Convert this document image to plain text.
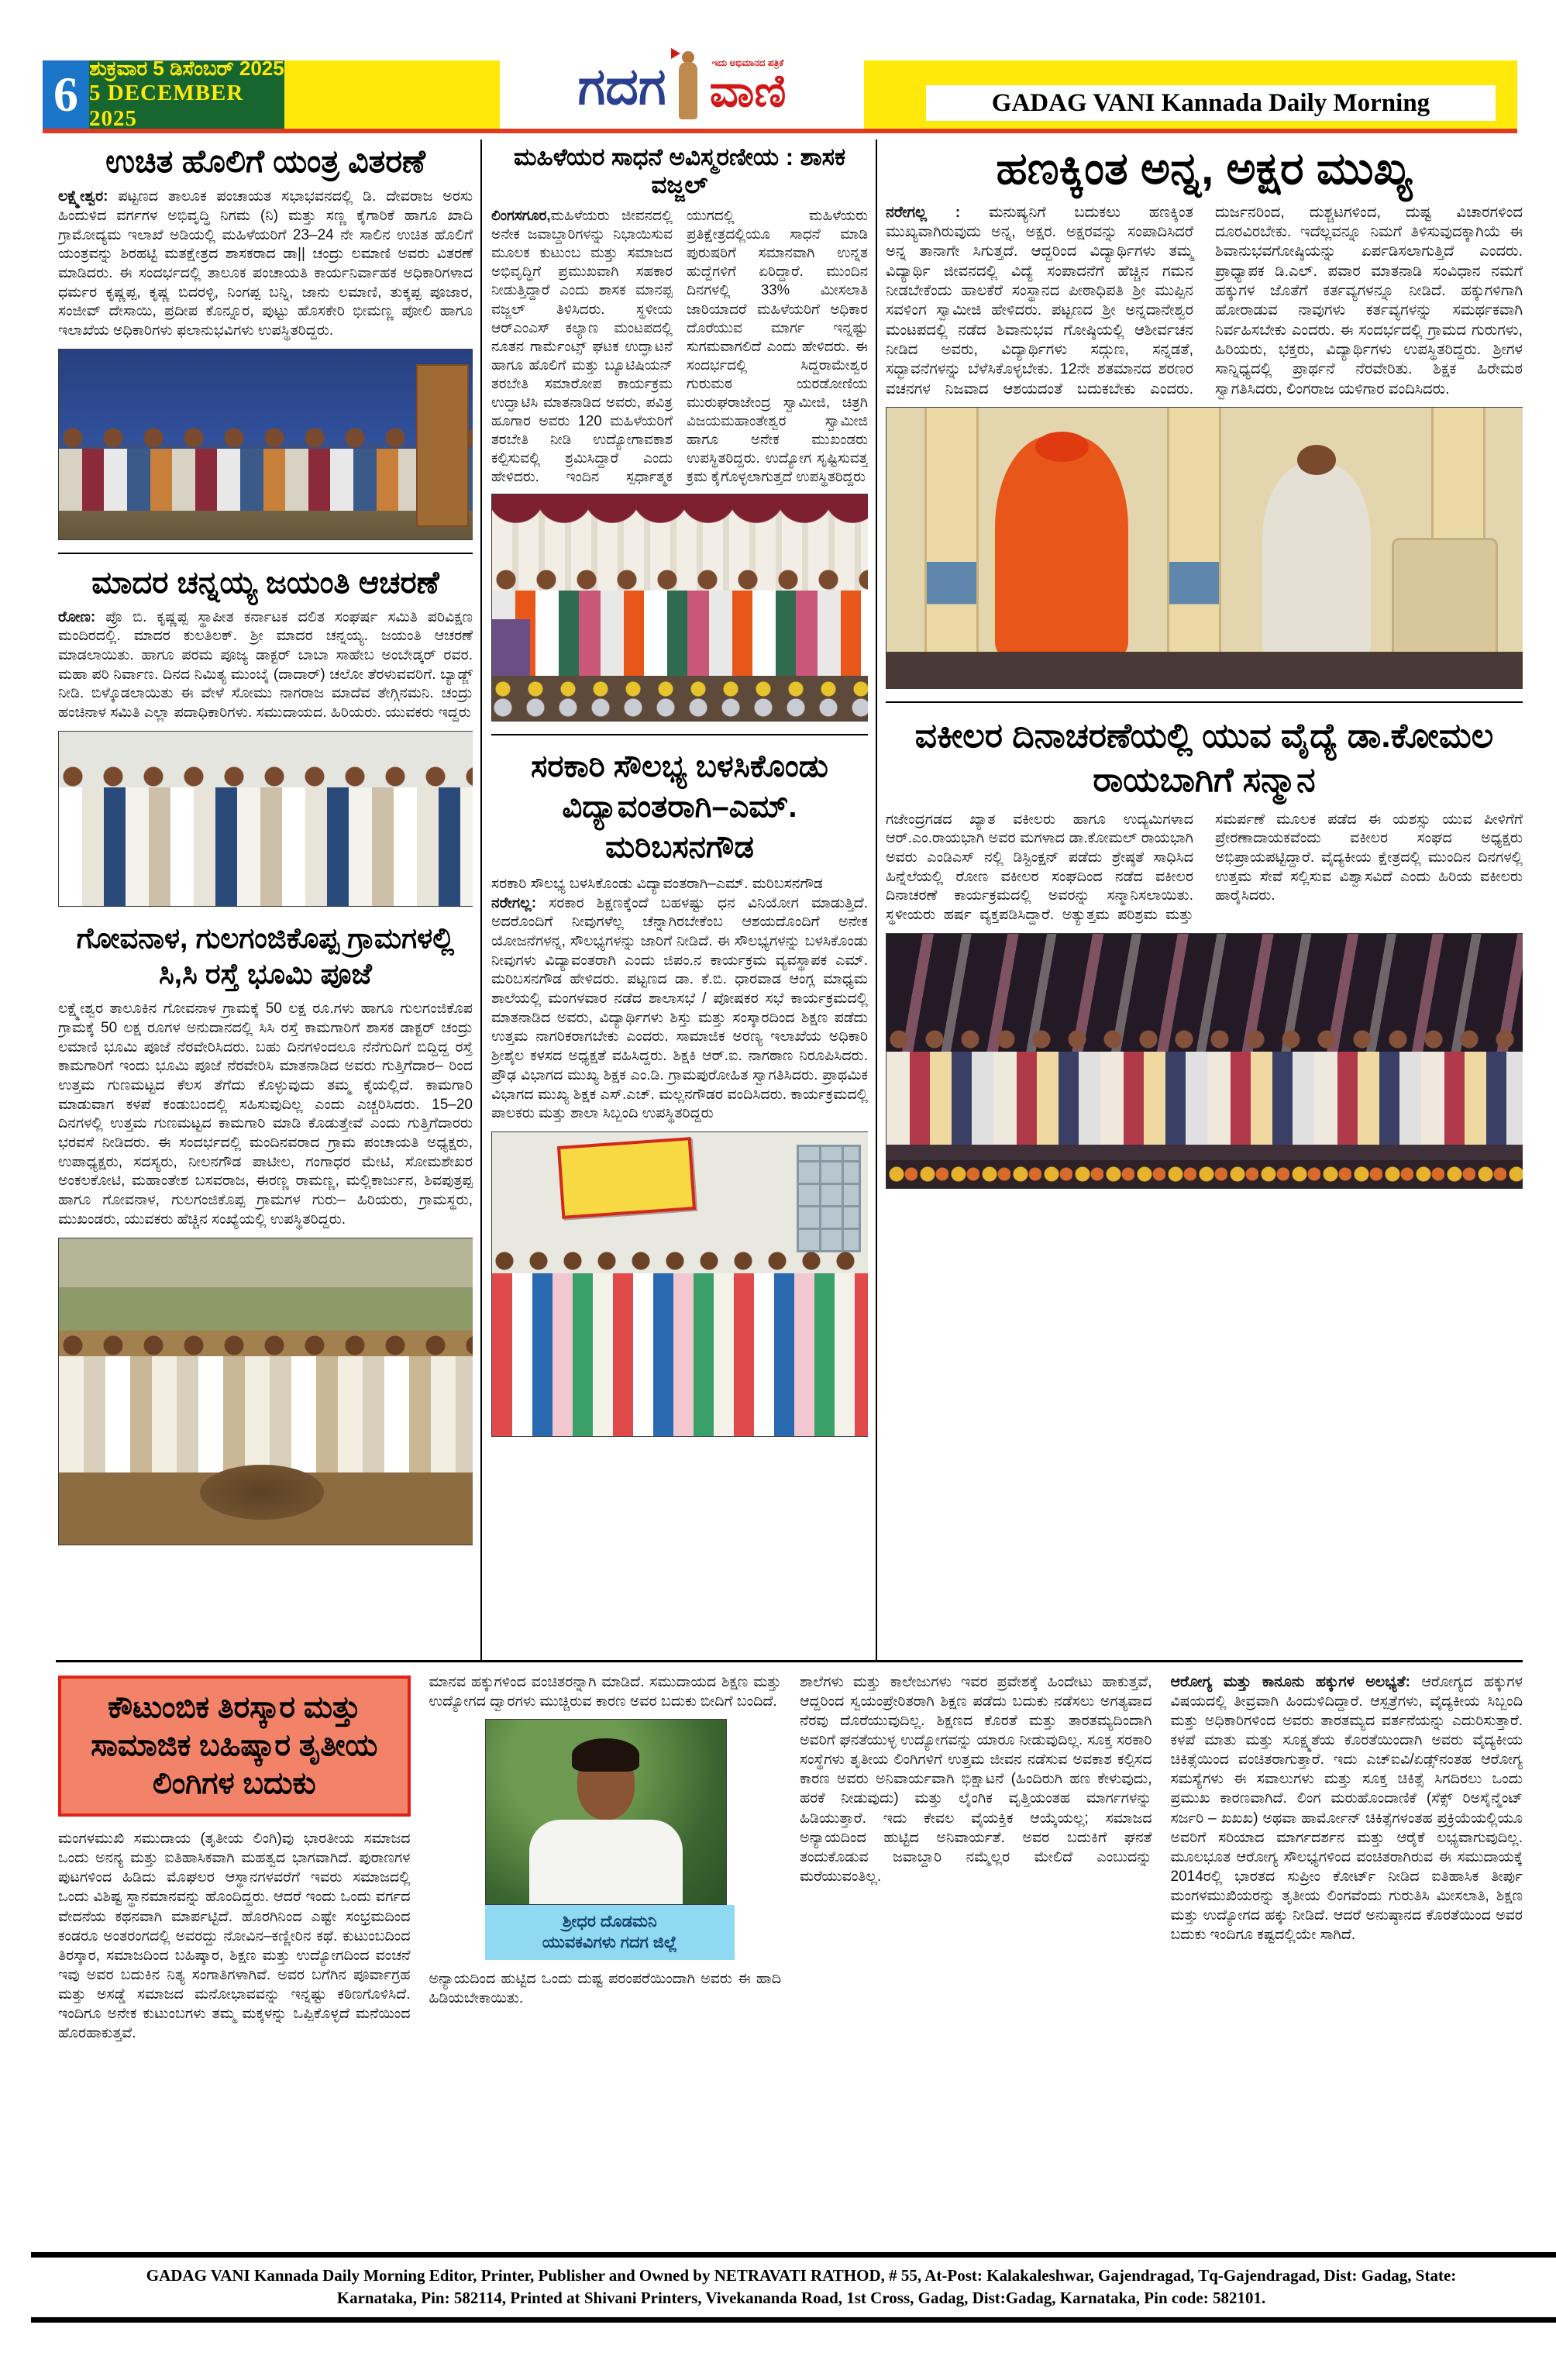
6 ಶುಕ್ರವಾರ 5 ಡಿಸೆಂಬರ್ 2025
5 DECEMBER 2025
ಗದಗ	ಇದು ಅಭಿಮಾನದ ಪತ್ರಿಕೆ
ವಾಣಿ	GADAG VANI Kannada Daily Morning
ಉಚಿತ ಹೊಲಿಗೆ ಯಂತ್ರ ವಿತರಣೆ

ಲಕ್ಷ್ಮೇಶ್ವರ: ಪಟ್ಟಣದ ತಾಲೂಕ ಪಂಚಾಯತ ಸಭಾಭವನದಲ್ಲಿ ಡಿ. ದೇವರಾಜ ಅರಸು ಹಿಂದುಳಿದ ವರ್ಗಗಳ ಅಭಿವೃದ್ಧಿ ನಿಗಮ (ನಿ) ಮತ್ತು ಸಣ್ಣ ಕೈಗಾರಿಕೆ ಹಾಗೂ ಖಾದಿ ಗ್ರಾಮೋದ್ಯಮ ಇಲಾಖೆ ಅಡಿಯಲ್ಲಿ ಮಹಿಳೆಯರಿಗೆ 23–24 ನೇ ಸಾಲಿನ ಉಚಿತ ಹೊಲಿಗೆ ಯಂತ್ರವನ್ನು ಶಿರಹಟ್ಟಿ ಮತಕ್ಷೇತ್ರದ ಶಾಸಕರಾದ ಡಾ|| ಚಂದ್ರು ಲಮಾಣಿ ಅವರು ವಿತರಣೆ ಮಾಡಿದರು. ಈ ಸಂದರ್ಭದಲ್ಲಿ ತಾಲೂಕ ಪಂಚಾಯತಿ ಕಾರ್ಯನಿರ್ವಾಹಕ ಅಧಿಕಾರಿಗಳಾದ ಧರ್ಮರ ಕೃಷ್ಣಪ್ಪ, ಕೃಷ್ಣ ಬಿದರಳ್ಳಿ, ನಿಂಗಪ್ಪ ಬನ್ನಿ, ಜಾನು ಲಮಾಣಿ, ತುಕ್ಕಪ್ಪ ಪೂಜಾರ, ಸಂಜೀವ್ ದೇಸಾಯಿ, ಪ್ರದೀಪ ಕೊನ್ನೂರ, ಪುಟ್ಟು ಹೊಸಕೇರಿ ಭೀಮಣ್ಣ ಪೋಲಿ ಹಾಗೂ ಇಲಾಖೆಯ ಅಧಿಕಾರಿಗಳು ಫಲಾನುಭವಿಗಳು ಉಪಸ್ಥಿತರಿದ್ದರು.

ಮಾದರ ಚನ್ನಯ್ಯ ಜಯಂತಿ ಆಚರಣೆ

ರೋಣ: ಪ್ರೊ ಬಿ. ಕೃಷ್ಣಪ್ಪ ಸ್ಥಾಪೀತ ಕರ್ನಾಟಕ ದಲಿತ ಸಂಘರ್ಷ ಸಮಿತಿ ಪರಿವಿಕ್ಷಣ ಮಂದಿರದಲ್ಲಿ. ಮಾದರ ಕುಲತಿಲಕ್. ಶ್ರೀ ಮಾದರ ಚನ್ನಯ್ಯ. ಜಯಂತಿ ಆಚರಣೆ ಮಾಡಲಾಯಿತು. ಹಾಗೂ ಪರಮ ಪೂಜ್ಯ ಡಾಕ್ಟರ್ ಬಾಬಾ ಸಾಹೇಬ ಅಂಬೇಡ್ಕರ್ ರವರ. ಮಹಾ ಪರಿ ನಿರ್ವಾಣ. ದಿನದ ನಿಮಿತ್ಯ ಮುಂಬೈ (ದಾದಾರ್) ಚಲೋ ತೆರಳುವವರಿಗೆ. ಬ್ಯಾಡ್ಜ್ ನೀಡಿ. ಬಿಳ್ಕೊಡಲಾಯಿತು ಈ ವೇಳೆ ಸೋಮು ನಾಗರಾಜ ಮಾದೆವ ತೇಗ್ಗಿನಮನಿ. ಚಂದ್ರು ಹಂಚಿನಾಳ ಸಮಿತಿ ಎಲ್ಲಾ ಪದಾಧಿಕಾರಿಗಳು. ಸಮುದಾಯದ. ಹಿರಿಯರು. ಯುವಕರು ಇದ್ದರು

ಗೋವನಾಳ, ಗುಲಗಂಜಿಕೊಪ್ಪ ಗ್ರಾಮಗಳಲ್ಲಿ ಸಿ,ಸಿ ರಸ್ತೆ ಭೂಮಿ ಪೂಜೆ

ಲಕ್ಷ್ಮೇಶ್ವರ ತಾಲೂಕಿನ ಗೋವನಾಳ ಗ್ರಾಮಕ್ಕೆ 50 ಲಕ್ಷ ರೂ.ಗಳು ಹಾಗೂ ಗುಲಗಂಜಿಕೊಪ ಗ್ರಾಮಕ್ಕೆ 50 ಲಕ್ಷ ರೂಗಳ ಅನುದಾನದಲ್ಲಿ ಸಿಸಿ ರಸ್ತೆ ಕಾಮಗಾರಿಗೆ ಶಾಸಕ ಡಾಕ್ಟರ್ ಚಂದ್ರು ಲಮಾಣಿ ಭೂಮಿ ಪೂಜೆ ನೆರವೇರಿಸಿದರು. ಬಹು ದಿನಗಳಿಂದಲೂ ನೆನೆಗುದಿಗೆ ಬಿದ್ದಿದ್ದ ರಸ್ತೆ ಕಾಮಗಾರಿಗೆ ಇಂದು ಭೂಮಿ ಪೂಜೆ ನೆರವೇರಿಸಿ ಮಾತನಾಡಿದ ಅವರು ಗುತ್ತಿಗೆದಾರ– ರಿಂದ ಉತ್ತಮ ಗುಣಮಟ್ಟದ ಕೆಲಸ ತೆಗೆದು ಕೊಳ್ಳುವುದು ತಮ್ಮ ಕೈಯಲ್ಲಿದೆ. ಕಾಮಗಾರಿ ಮಾಡುವಾಗ ಕಳಪೆ ಕಂಡುಬಂದಲ್ಲಿ ಸಹಿಸುವುದಿಲ್ಲ ಎಂದು ಎಚ್ಚರಿಸಿದರು. 15–20 ದಿನಗಳಲ್ಲಿ ಉತ್ತಮ ಗುಣಮಟ್ಟದ ಕಾಮಗಾರಿ ಮಾಡಿ ಕೊಡುತ್ತೇವೆ ಎಂದು ಗುತ್ತಿಗೆದಾರರು ಭರವಸೆ ನೀಡಿದರು. ಈ ಸಂದರ್ಭದಲ್ಲಿ ಮಂದಿನವರಾದ ಗ್ರಾಮ ಪಂಚಾಯತಿ ಅಧ್ಯಕ್ಷರು, ಉಪಾಧ್ಯಕ್ಷರು, ಸದಸ್ಯರು, ನೀಲನಗೌಡ ಪಾಟೀಲ, ಗಂಗಾಧರ ಮೇಟಿ, ಸೋಮಶೇಖರ ಅಂಕಲಕೋಟಿ, ಮಹಾಂತೇಶ ಬಸವರಾಜ, ಈರಣ್ಣ ರಾಮಣ್ಣ, ಮಲ್ಲಿಕಾರ್ಜುನ, ಶಿವಪುತ್ರಪ್ಪ ಹಾಗೂ ಗೋವನಾಳ, ಗುಲಗಂಜಿಕೊಪ್ಪ ಗ್ರಾಮಗಳ ಗುರು– ಹಿರಿಯರು, ಗ್ರಾಮಸ್ಥರು, ಮುಖಂಡರು, ಯುವಕರು ಹೆಚ್ಚಿನ ಸಂಖ್ಯೆಯಲ್ಲಿ ಉಪಸ್ಥಿತರಿದ್ದರು.

ಮಹಿಳೆಯರ ಸಾಧನೆ ಅವಿಸ್ಮರಣೀಯ : ಶಾಸಕ ವಜ್ಜಲ್

ಲಿಂಗಸಗೂರ,ಮಹಿಳೆಯರು ಜೀವನದಲ್ಲಿ ಅನೇಕ ಜವಾಬ್ದಾರಿಗಳನ್ನು ನಿಭಾಯಿಸುವ ಮೂಲಕ ಕುಟುಂಬ ಮತ್ತು ಸಮಾಜದ ಅಭಿವೃದ್ಧಿಗೆ ಪ್ರಮುಖವಾಗಿ ಸಹಕಾರ ನೀಡುತ್ತಿದ್ದಾರೆ ಎಂದು ಶಾಸಕ ಮಾನಪ್ಪ ವಜ್ಜಲ್ ತಿಳಿಸಿದರು. ಸ್ಥಳೀಯ ಆರ್‌ಎಂಎಸ್ ಕಲ್ಯಾಣ ಮಂಟಪದಲ್ಲಿ ನೂತನ ಗಾರ್ಮೆಂಟ್ಸ್ ಘಟಕ ಉದ್ಘಾಟನೆ ಹಾಗೂ ಹೊಲಿಗೆ ಮತ್ತು ಬ್ಯೂಟಿಷಿಯನ್ ತರಬೇತಿ ಸಮಾರೋಪ ಕಾರ್ಯಕ್ರಮ ಉದ್ಘಾಟಿಸಿ ಮಾತನಾಡಿದ ಅವರು, ಪವಿತ್ರ ಹೂಗಾರ ಅವರು 120 ಮಹಿಳೆಯರಿಗೆ ತರಬೇತಿ ನೀಡಿ ಉದ್ಯೋಗಾವಕಾಶ ಕಲ್ಪಿಸುವಲ್ಲಿ ಶ್ರಮಿಸಿದ್ದಾರೆ ಎಂದು ಹೇಳಿದರು. ಇಂದಿನ ಸ್ಪರ್ಧಾತ್ಮಕ ಯುಗದಲ್ಲಿ ಮಹಿಳೆಯರು ಪ್ರತಿಕ್ಷೇತ್ರದಲ್ಲಿಯೂ ಸಾಧನೆ ಮಾಡಿ ಪುರುಷರಿಗೆ ಸಮಾನವಾಗಿ ಉನ್ನತ ಹುದ್ದೆಗಳಿಗೆ ಏರಿದ್ದಾರೆ. ಮುಂದಿನ ದಿನಗಳಲ್ಲಿ 33% ಮೀಸಲಾತಿ ಜಾರಿಯಾದರೆ ಮಹಿಳೆಯರಿಗೆ ಅಧಿಕಾರ ದೊರೆಯುವ ಮಾರ್ಗ ಇನ್ನಷ್ಟು ಸುಗಮವಾಗಲಿದೆ ಎಂದು ಹೇಳಿದರು. ಈ ಸಂದರ್ಭದಲ್ಲಿ ಸಿದ್ದರಾಮೇಶ್ವರ ಗುರುಮಠ ಯರಡೋಣಿಯ ಮುರುಘರಾಜೇಂದ್ರ ಸ್ವಾಮೀಜಿ, ಚಿತ್ರಗಿ ವಿಜಯಮಹಾಂತೇಶ್ವರ ಸ್ವಾಮೀಜಿ ಹಾಗೂ ಅನೇಕ ಮುಖಂಡರು ಉಪಸ್ಥಿತರಿದ್ದರು. ಉದ್ಯೋಗ ಸೃಷ್ಟಿಸುವತ್ತ ಕ್ರಮ ಕೈಗೊಳ್ಳಲಾಗುತ್ತದೆ ಉಪಸ್ಥಿತರಿದ್ದರು

ಸರಕಾರಿ ಸೌಲಭ್ಯ ಬಳಸಿಕೊಂಡು ವಿದ್ಯಾವಂತರಾಗಿ–ಎಮ್. ಮರಿಬಸನಗೌಡ

ಸರಕಾರಿ ಸೌಲಭ್ಯ ಬಳಸಿಕೊಂಡು ವಿದ್ಯಾವಂತರಾಗಿ–ಎಮ್. ಮರಿಬಸನಗೌಡ

ನರೇಗಲ್ಲ: ಸರಕಾರ ಶಿಕ್ಷಣಕ್ಕೆಂದೆ ಬಹಳಷ್ಟು ಧನ ವಿನಿಯೋಗ ಮಾಡುತ್ತಿದೆ. ಅದರೊಂದಿಗೆ ನೀವುಗಳೆಲ್ಲ ಚೆನ್ನಾಗಿರಬೇಕೆಂಬ ಆಶಯದೊಂದಿಗೆ ಅನೇಕ ಯೋಜನೆಗಳನ್ನ, ಸೌಲಭ್ಯಗಳನ್ನು ಜಾರಿಗೆ ನೀಡಿದೆ. ಈ ಸೌಲಭ್ಯಗಳನ್ನು ಬಳಸಿಕೊಂಡು ನೀವುಗಳು ವಿದ್ಯಾವಂತರಾಗಿ ಎಂದು ಜಿಪಂ.ನ ಕಾರ್ಯಕ್ರಮ ವ್ಯವಸ್ಥಾಪಕ ಎಮ್. ಮರಿಬಸನಗೌಡ ಹೇಳಿದರು. ಪಟ್ಟಣದ ಡಾ. ಕೆ.ಬಿ. ಧಾರವಾಡ ಆಂಗ್ಲ ಮಾಧ್ಯಮ ಶಾಲೆಯಲ್ಲಿ ಮಂಗಳವಾರ ನಡೆದ ಶಾಲಾಸಭೆ / ಪೋಷಕರ ಸಭೆ ಕಾರ್ಯಕ್ರಮದಲ್ಲಿ ಮಾತನಾಡಿದ ಅವರು, ವಿದ್ಯಾರ್ಥಿಗಳು ಶಿಸ್ತು ಮತ್ತು ಸಂಸ್ಕಾರದಿಂದ ಶಿಕ್ಷಣ ಪಡೆದು ಉತ್ತಮ ನಾಗರಿಕರಾಗಬೇಕು ಎಂದರು. ಸಾಮಾಜಿಕ ಅರಣ್ಯ ಇಲಾಖೆಯ ಅಧಿಕಾರಿ ಶ್ರೀಶೈಲ ಕಳಸದ ಅಧ್ಯಕ್ಷತೆ ವಹಿಸಿದ್ದರು. ಶಿಕ್ಷಕಿ ಆರ್.ಐ. ನಾಗಠಾಣ ನಿರೂಪಿಸಿದರು. ಪ್ರೌಢ ವಿಭಾಗದ ಮುಖ್ಯ ಶಿಕ್ಷಕ ಎಂ.ಡಿ. ಗ್ರಾಮಪುರೋಹಿತ ಸ್ವಾಗತಿಸಿದರು. ಪ್ರಾಥಮಿಕ ವಿಭಾಗದ ಮುಖ್ಯ ಶಿಕ್ಷಕ ಎಸ್.ಎಚ್. ಮಲ್ಲನಗೌಡರ ವಂದಿಸಿದರು. ಕಾರ್ಯಕ್ರಮದಲ್ಲಿ ಪಾಲಕರು ಮತ್ತು ಶಾಲಾ ಸಿಬ್ಬಂದಿ ಉಪಸ್ಥಿತರಿದ್ದರು

ಹಣಕ್ಕಿಂತ ಅನ್ನ, ಅಕ್ಷರ ಮುಖ್ಯ

ನರೇಗಲ್ಲ : ಮನುಷ್ಯನಿಗೆ ಬದುಕಲು ಹಣಕ್ಕಿಂತ ಮುಖ್ಯವಾಗಿರುವುದು ಅನ್ನ, ಅಕ್ಷರ. ಅಕ್ಷರವನ್ನು ಸಂಪಾದಿಸಿದರೆ ಅನ್ನ ತಾನಾಗೇ ಸಿಗುತ್ತದೆ. ಆದ್ದರಿಂದ ವಿದ್ಯಾರ್ಥಿಗಳು ತಮ್ಮ ವಿದ್ಯಾರ್ಥಿ ಜೀವನದಲ್ಲಿ ವಿದ್ಯೆ ಸಂಪಾದನೆಗೆ ಹೆಚ್ಚಿನ ಗಮನ ನೀಡಬೇಕೆಂದು ಹಾಲಕೆರೆ ಸಂಸ್ಥಾನದ ಪೀಠಾಧಿಪತಿ ಶ್ರೀ ಮುಪ್ಪಿನ ಸವಳಿಂಗ ಸ್ವಾಮೀಜಿ ಹೇಳಿದರು. ಪಟ್ಟಣದ ಶ್ರೀ ಅನ್ನದಾನೇಶ್ವರ ಮಂಟಪದಲ್ಲಿ ನಡೆದ ಶಿವಾನುಭವ ಗೋಷ್ಠಿಯಲ್ಲಿ ಆಶೀರ್ವಚನ ನೀಡಿದ ಅವರು, ವಿದ್ಯಾರ್ಥಿಗಳು ಸದ್ಗುಣ, ಸನ್ನಡತೆ, ಸದ್ಭಾವನೆಗಳನ್ನು ಬೆಳೆಸಿಕೊಳ್ಳಬೇಕು. 12ನೇ ಶತಮಾನದ ಶರಣರ ವಚನಗಳ ನಿಜವಾದ ಆಶಯದಂತೆ ಬದುಕಬೇಕು ಎಂದರು. ದುರ್ಜನರಿಂದ, ದುಶ್ಚಟಗಳಿಂದ, ದುಷ್ಟ ವಿಚಾರಗಳಿಂದ ದೂರವಿರಬೇಕು. ಇದೆಲ್ಲವನ್ನೂ ನಿಮಗೆ ತಿಳಿಸುವುದಕ್ಕಾಗಿಯೆ ಈ ಶಿವಾನುಭವಗೋಷ್ಠಿಯನ್ನು ಏರ್ಪಡಿಸಲಾಗುತ್ತಿದೆ ಎಂದರು. ಪ್ರಾಧ್ಯಾಪಕ ಡಿ.ಎಲ್. ಪವಾರ ಮಾತನಾಡಿ ಸಂವಿಧಾನ ನಮಗೆ ಹಕ್ಕುಗಳ ಜೊತೆಗೆ ಕರ್ತವ್ಯಗಳನ್ನೂ ನೀಡಿದೆ. ಹಕ್ಕುಗಳಿಗಾಗಿ ಹೋರಾಡುವ ನಾವುಗಳು ಕರ್ತವ್ಯಗಳನ್ನು ಸಮರ್ಥಕವಾಗಿ ನಿರ್ವಹಿಸಬೇಕು ಎಂದರು. ಈ ಸಂದರ್ಭದಲ್ಲಿ ಗ್ರಾಮದ ಗುರುಗಳು, ಹಿರಿಯರು, ಭಕ್ತರು, ವಿದ್ಯಾರ್ಥಿಗಳು ಉಪಸ್ಥಿತರಿದ್ದರು. ಶ್ರೀಗಳ ಸಾನ್ನಿಧ್ಯದಲ್ಲಿ ಪ್ರಾರ್ಥನೆ ನೆರವೇರಿತು. ಶಿಕ್ಷಕ ಹಿರೇಮಠ ಸ್ವಾಗತಿಸಿದರು, ಲಿಂಗರಾಜ ಯಳಿಗಾರ ವಂದಿಸಿದರು.

ವಕೀಲರ ದಿನಾಚರಣೆಯಲ್ಲಿ ಯುವ ವೈದ್ಯೆ ಡಾ.ಕೋಮಲ ರಾಯಬಾಗಿಗೆ ಸನ್ಮಾನ

ಗಜೇಂದ್ರಗಡದ ಖ್ಯಾತ ವಕೀಲರು ಹಾಗೂ ಉದ್ಯಮಿಗಳಾದ ಆರ್.ಎಂ.ರಾಯಭಾಗಿ ಅವರ ಮಗಳಾದ ಡಾ.ಕೋಮಲ್ ರಾಯಭಾಗಿ ಅವರು ಎಂಡಿಎಸ್ ನಲ್ಲಿ ಡಿಸ್ಟಿಂಕ್ಷನ್ ಪಡೆದು ಶ್ರೇಷ್ಠತೆ ಸಾಧಿಸಿದ ಹಿನ್ನೆಲೆಯಲ್ಲಿ ರೋಣ ವಕೀಲರ ಸಂಘದಿಂದ ನಡೆದ ವಕೀಲರ ದಿನಾಚರಣೆ ಕಾರ್ಯಕ್ರಮದಲ್ಲಿ ಅವರನ್ನು ಸನ್ಮಾನಿಸಲಾಯಿತು. ಸ್ಥಳೀಯರು ಹರ್ಷ ವ್ಯಕ್ತಪಡಿಸಿದ್ದಾರೆ. ಅತ್ಯುತ್ತಮ ಪರಿಶ್ರಮ ಮತ್ತು ಸಮರ್ಪಣೆ ಮೂಲಕ ಪಡೆದ ಈ ಯಶಸ್ಸು ಯುವ ಪೀಳಿಗೆಗೆ ಪ್ರೇರಣಾದಾಯಕವೆಂದು ವಕೀಲರ ಸಂಘದ ಅಧ್ಯಕ್ಷರು ಅಭಿಪ್ರಾಯಪಟ್ಟಿದ್ದಾರೆ. ವೈದ್ಯಕೀಯ ಕ್ಷೇತ್ರದಲ್ಲಿ ಮುಂದಿನ ದಿನಗಳಲ್ಲಿ ಉತ್ತಮ ಸೇವೆ ಸಲ್ಲಿಸುವ ವಿಶ್ವಾಸವಿದೆ ಎಂದು ಹಿರಿಯ ವಕೀಲರು ಹಾರೈಸಿದರು.

ಕೌಟುಂಬಿಕ ತಿರಸ್ಕಾರ ಮತ್ತು ಸಾಮಾಜಿಕ ಬಹಿಷ್ಕಾರ ತೃತೀಯ ಲಿಂಗಿಗಳ ಬದುಕು

ಮಂಗಳಮುಖಿ ಸಮುದಾಯ (ತೃತೀಯ ಲಿಂಗಿ)ವು ಭಾರತೀಯ ಸಮಾಜದ ಒಂದು ಅನನ್ಯ ಮತ್ತು ಐತಿಹಾಸಿಕವಾಗಿ ಮಹತ್ವದ ಭಾಗವಾಗಿದೆ. ಪುರಾಣಗಳ ಪುಟಗಳಿಂದ ಹಿಡಿದು ಮೊಘಲರ ಆಸ್ಥಾನಗಳವರೆಗೆ ಇವರು ಸಮಾಜದಲ್ಲಿ ಒಂದು ವಿಶಿಷ್ಟ ಸ್ಥಾನಮಾನವನ್ನು ಹೊಂದಿದ್ದರು. ಆದರೆ ಇಂದು ಒಂದು ವರ್ಗದ ವೇದನೆಯ ಕಥನವಾಗಿ ಮಾರ್ಪಟ್ಟಿದೆ. ಹೊರಗಿನಿಂದ ಎಷ್ಟೇ ಸಂಭ್ರಮದಿಂದ ಕಂಡರೂ ಅಂತರಂಗದಲ್ಲಿ ಅವರದ್ದು ನೋವಿನ–ಕಣ್ಣೀರಿನ ಕಥೆ. ಕುಟುಂಬದಿಂದ ತಿರಸ್ಕಾರ, ಸಮಾಜದಿಂದ ಬಹಿಷ್ಕಾರ, ಶಿಕ್ಷಣ ಮತ್ತು ಉದ್ಯೋಗದಿಂದ ವಂಚನೆ ಇವು ಅವರ ಬದುಕಿನ ನಿತ್ಯ ಸಂಗಾತಿಗಳಾಗಿವೆ. ಅವರ ಬಗೆಗಿನ ಪೂರ್ವಾಗ್ರಹ ಮತ್ತು ಅಸಡ್ಡೆ ಸಮಾಜದ ಮನೋಭಾವವನ್ನು ಇನ್ನಷ್ಟು ಕಠಿಣಗೊಳಿಸಿದೆ. ಇಂದಿಗೂ ಅನೇಕ ಕುಟುಂಬಗಳು ತಮ್ಮ ಮಕ್ಕಳನ್ನು ಒಪ್ಪಿಕೊಳ್ಳದೆ ಮನೆಯಿಂದ ಹೊರಹಾಕುತ್ತವೆ.

ಮಾನವ ಹಕ್ಕುಗಳಿಂದ ವಂಚಿತರನ್ನಾಗಿ ಮಾಡಿದೆ. ಸಮುದಾಯದ ಶಿಕ್ಷಣ ಮತ್ತು ಉದ್ಯೋಗದ ದ್ವಾರಗಳು ಮುಚ್ಚಿರುವ ಕಾರಣ ಅವರ ಬದುಕು ಬೀದಿಗೆ ಬಂದಿದೆ.

ಶ್ರೀಧರ ದೊಡಮನಿ
ಯುವಕವಿಗಳು ಗದಗ ಜಿಲ್ಲೆ

ಅನ್ಯಾಯದಿಂದ ಹುಟ್ಟಿದ ಒಂದು ದುಷ್ಟ ಪರಂಪರೆಯಿಂದಾಗಿ ಅವರು ಈ ಹಾದಿ ಹಿಡಿಯಬೇಕಾಯಿತು.

ಶಾಲೆಗಳು ಮತ್ತು ಕಾಲೇಜುಗಳು ಇವರ ಪ್ರವೇಶಕ್ಕೆ ಹಿಂದೇಟು ಹಾಕುತ್ತವೆ, ಆದ್ದರಿಂದ ಸ್ವಯಂಪ್ರೇರಿತರಾಗಿ ಶಿಕ್ಷಣ ಪಡೆದು ಬದುಕು ನಡೆಸಲು ಅಗತ್ಯವಾದ ನೆರವು ದೊರೆಯುವುದಿಲ್ಲ. ಶಿಕ್ಷಣದ ಕೊರತೆ ಮತ್ತು ತಾರತಮ್ಯದಿಂದಾಗಿ ಅವರಿಗೆ ಘನತೆಯುಳ್ಳ ಉದ್ಯೋಗವನ್ನು ಯಾರೂ ನೀಡುವುದಿಲ್ಲ. ಸೂಕ್ತ ಸರಕಾರಿ ಸಂಸ್ಥೆಗಳು ತೃತೀಯ ಲಿಂಗಿಗಳಿಗೆ ಉತ್ತಮ ಜೀವನ ನಡೆಸುವ ಅವಕಾಶ ಕಲ್ಪಿಸದ ಕಾರಣ ಅವರು ಅನಿವಾರ್ಯವಾಗಿ ಭಿಕ್ಷಾಟನೆ (ಹಿಂದಿರುಗಿ ಹಣ ಕೇಳುವುದು, ಹರಕೆ ನೀಡುವುದು) ಮತ್ತು ಲೈಂಗಿಕ ವೃತ್ತಿಯಂತಹ ಮಾರ್ಗಗಳನ್ನು ಹಿಡಿಯುತ್ತಾರೆ. ಇದು ಕೇವಲ ವೈಯಕ್ತಿಕ ಆಯ್ಕೆಯಲ್ಲ; ಸಮಾಜದ ಅನ್ಯಾಯದಿಂದ ಹುಟ್ಟಿದ ಅನಿವಾರ್ಯತೆ. ಅವರ ಬದುಕಿಗೆ ಘನತೆ ತಂದುಕೊಡುವ ಜವಾಬ್ದಾರಿ ನಮ್ಮೆಲ್ಲರ ಮೇಲಿದೆ ಎಂಬುದನ್ನು ಮರೆಯುವಂತಿಲ್ಲ.

ಆರೋಗ್ಯ ಮತ್ತು ಕಾನೂನು ಹಕ್ಕುಗಳ ಅಲಭ್ಯತೆ: ಆರೋಗ್ಯದ ಹಕ್ಕುಗಳ ವಿಷಯದಲ್ಲಿ ತೀವ್ರವಾಗಿ ಹಿಂದುಳಿದಿದ್ದಾರೆ. ಆಸ್ಪತ್ರೆಗಳು, ವೈದ್ಯಕೀಯ ಸಿಬ್ಬಂದಿ ಮತ್ತು ಅಧಿಕಾರಿಗಳಿಂದ ಅವರು ತಾರತಮ್ಯದ ವರ್ತನೆಯನ್ನು ಎದುರಿಸುತ್ತಾರೆ. ಕಳಪೆ ಮಾತು ಮತ್ತು ಸೂಕ್ಷ್ಮತೆಯ ಕೊರತೆಯಿಂದಾಗಿ ಅವರು ವೈದ್ಯಕೀಯ ಚಿಕಿತ್ಸೆಯಿಂದ ವಂಚಿತರಾಗುತ್ತಾರೆ. ಇದು ಎಚ್‌ಐವಿ/ಏಡ್ಸ್‌ನಂತಹ ಆರೋಗ್ಯ ಸಮಸ್ಯೆಗಳು ಈ ಸವಾಲುಗಳು ಮತ್ತು ಸೂಕ್ತ ಚಿಕಿತ್ಸೆ ಸಿಗದಿರಲು ಒಂದು ಪ್ರಮುಖ ಕಾರಣವಾಗಿದೆ. ಲಿಂಗ ಮರುಹೊಂದಾಣಿಕೆ (ಸೆಕ್ಸ್ ರಿಅಸೈನ್ಮೆಂಟ್ ಸರ್ಜರಿ – ಖಖಖ) ಅಥವಾ ಹಾರ್ಮೋನ್ ಚಿಕಿತ್ಸೆಗಳಂತಹ ಪ್ರಕ್ರಿಯೆಯಲ್ಲಿಯೂ ಅವರಿಗೆ ಸರಿಯಾದ ಮಾರ್ಗದರ್ಶನ ಮತ್ತು ಆರೈಕೆ ಲಭ್ಯವಾಗುವುದಿಲ್ಲ. ಮೂಲಭೂತ ಆರೋಗ್ಯ ಸೌಲಭ್ಯಗಳಿಂದ ವಂಚಿತರಾಗಿರುವ ಈ ಸಮುದಾಯಕ್ಕೆ 2014ರಲ್ಲಿ ಭಾರತದ ಸುಪ್ರೀಂ ಕೋರ್ಟ್ ನೀಡಿದ ಐತಿಹಾಸಿಕ ತೀರ್ಪು ಮಂಗಳಮುಖಿಯರನ್ನು ತೃತೀಯ ಲಿಂಗವೆಂದು ಗುರುತಿಸಿ ಮೀಸಲಾತಿ, ಶಿಕ್ಷಣ ಮತ್ತು ಉದ್ಯೋಗದ ಹಕ್ಕು ನೀಡಿದೆ. ಆದರೆ ಅನುಷ್ಠಾನದ ಕೊರತೆಯಿಂದ ಅವರ ಬದುಕು ಇಂದಿಗೂ ಕಷ್ಟದಲ್ಲಿಯೇ ಸಾಗಿದೆ.

GADAG VANI Kannada Daily Morning Editor, Printer, Publisher and Owned by NETRAVATI RATHOD, # 55, At-Post: Kalakaleshwar, Gajendragad, Tq-Gajendragad, Dist: Gadag, State:

Karnataka, Pin: 582114, Printed at Shivani Printers, Vivekananda Road, 1st Cross, Gadag, Dist:Gadag, Karnataka, Pin code: 582101.
